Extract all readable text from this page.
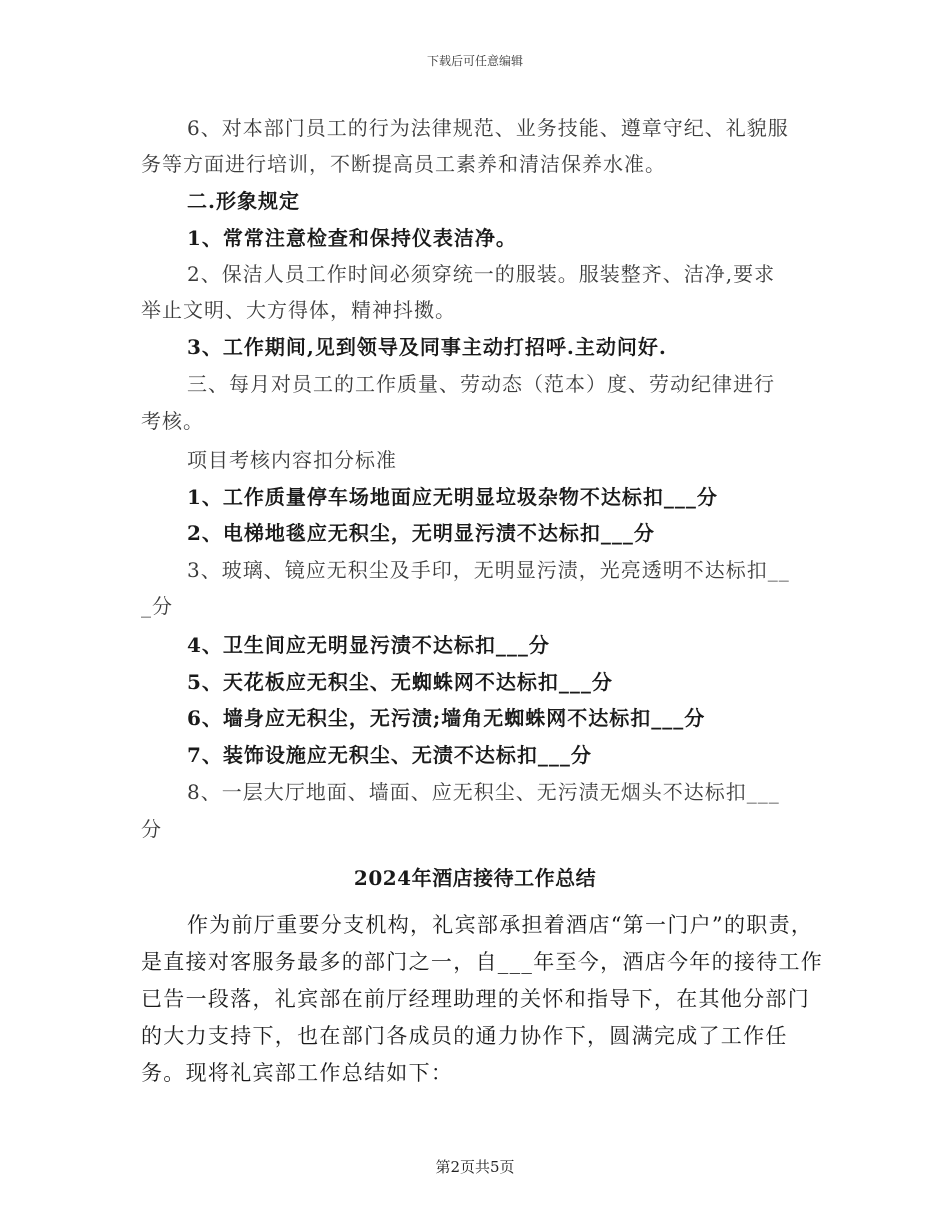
下载后可任意编辑
6、对本部门员工的行为法律规范、业务技能、遵章守纪、礼貌服
务等方面进行培训，不断提高员工素养和清洁保养水准。
二.形象规定
1、常常注意检查和保持仪表洁净。
2、保洁人员工作时间必须穿统一的服装。服装整齐、洁净,要求
举止文明、大方得体，精神抖擞。
3、工作期间,见到领导及同事主动打招呼.主动问好.
三、每月对员工的工作质量、劳动态（范本）度、劳动纪律进行
考核。
项目考核内容扣分标准
1、工作质量停车场地面应无明显垃圾杂物不达标扣___分
2、电梯地毯应无积尘，无明显污渍不达标扣___分
3、玻璃、镜应无积尘及手印，无明显污渍，光亮透明不达标扣__
_分
4、卫生间应无明显污渍不达标扣___分
5、天花板应无积尘、无蜘蛛网不达标扣___分
6、墙身应无积尘，无污渍;墙角无蜘蛛网不达标扣___分
7、装饰设施应无积尘、无渍不达标扣___分
8、一层大厅地面、墙面、应无积尘、无污渍无烟头不达标扣___
分
2024年酒店接待工作总结
作为前厅重要分支机构，礼宾部承担着酒店“第一门户”的职责，是直接对客服务最多的部门之一，自___年至今，酒店今年的接待工作已告一段落，礼宾部在前厅经理助理的关怀和指导下，在其他分部门的大力支持下，也在部门各成员的通力协作下，圆满完成了工作任务。现将礼宾部工作总结如下：
第2页共5页
